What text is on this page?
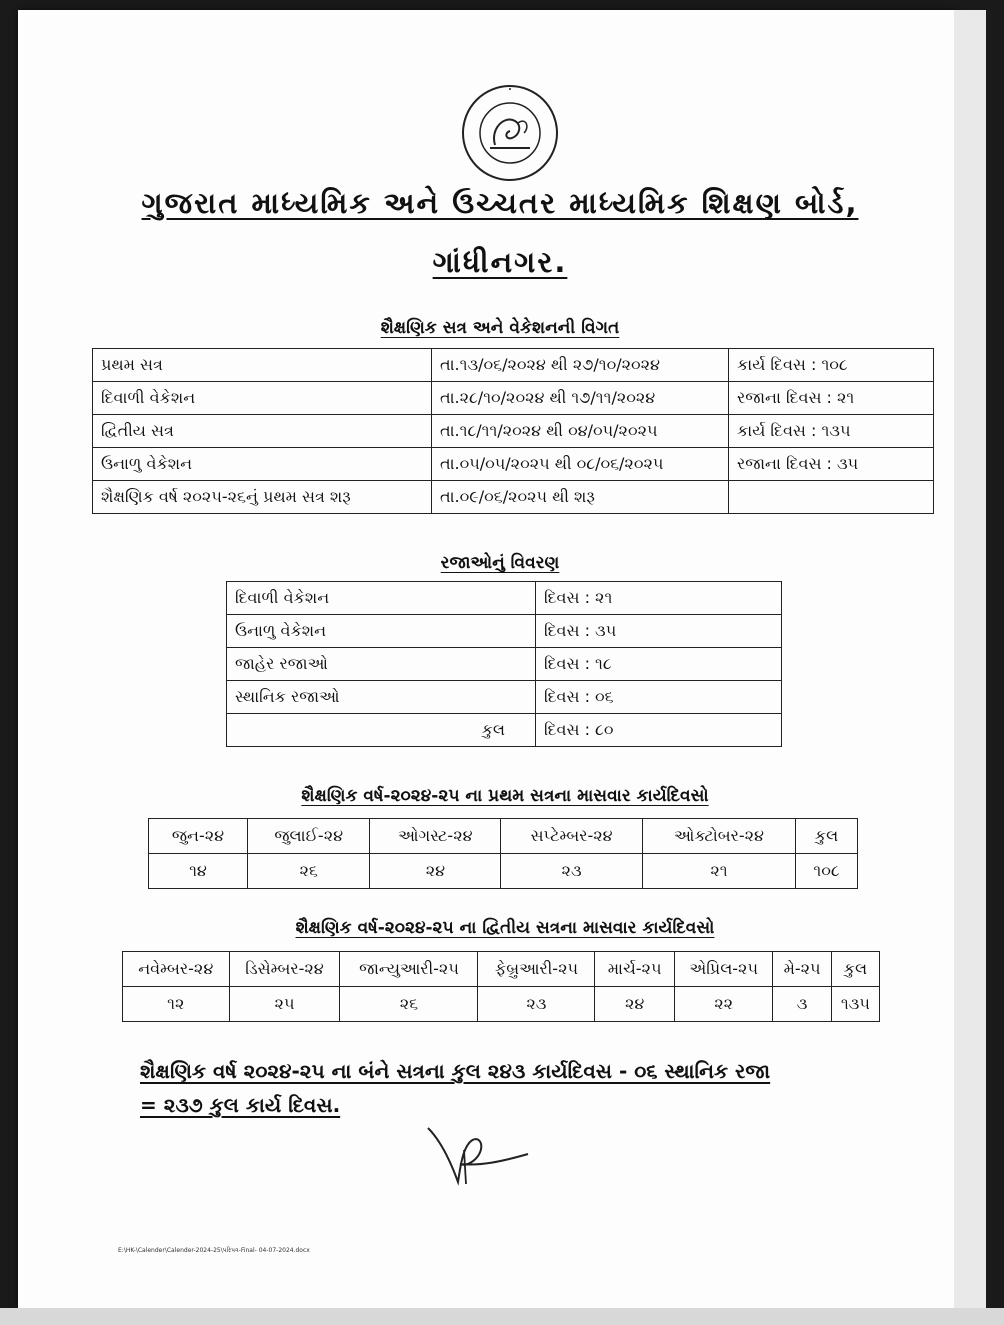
ગુજરાત માધ્યમિક અને ઉચ્ચતર માધ્યમિક શિક્ષણ બોર્ડ,
ગાંધીનગર.
શૈક્ષણિક સત્ર અને વેકેશનની વિગત
પ્રથમ સત્ર	તા.૧૩/૦૬/૨૦૨૪ થી ૨૭/૧૦/૨૦૨૪	કાર્ય દિવસ : ૧૦૮
દિવાળી વેકેશન	તા.૨૮/૧૦/૨૦૨૪ થી ૧૭/૧૧/૨૦૨૪	રજાના દિવસ : ૨૧
દ્વિતીય સત્ર	તા.૧૮/૧૧/૨૦૨૪ થી ૦૪/૦૫/૨૦૨૫	કાર્ય દિવસ : ૧૩૫
ઉનાળુ વેકેશન	તા.૦૫/૦૫/૨૦૨૫ થી ૦૮/૦૬/૨૦૨૫	રજાના દિવસ : ૩૫
શૈક્ષણિક વર્ષ ૨૦૨૫-૨૬નું પ્રથમ સત્ર શરૂ	તા.૦૯/૦૬/૨૦૨૫ થી શરૂ	
રજાઓનું વિવરણ
દિવાળી વેકેશન	દિવસ : ૨૧
ઉનાળુ વેકેશન	દિવસ : ૩૫
જાહેર રજાઓ	દિવસ : ૧૮
સ્થાનિક રજાઓ	દિવસ : ૦૬
કુલ	દિવસ : ૮૦
શૈક્ષણિક વર્ષ-૨૦૨૪-૨૫ ના પ્રથમ સત્રના માસવાર કાર્યદિવસો
જુન-૨૪	જુલાઈ-૨૪	ઓગસ્ટ-૨૪	સપ્ટેમ્બર-૨૪	ઓક્ટોબર-૨૪	કુલ
૧૪	૨૬	૨૪	૨૩	૨૧	૧૦૮
શૈક્ષણિક વર્ષ-૨૦૨૪-૨૫ ના દ્વિતીય સત્રના માસવાર કાર્યદિવસો
નવેમ્બર-૨૪	ડિસેમ્બર-૨૪	જાન્યુઆરી-૨૫	ફેબ્રુઆરી-૨૫	માર્ચ-૨૫	એપ્રિલ-૨૫	મે-૨૫	કુલ
૧૨	૨૫	૨૬	૨૩	૨૪	૨૨	૩	૧૩૫
શૈક્ષણિક વર્ષ ૨૦૨૪-૨૫ ના બંને સત્રના કુલ ૨૪૩ કાર્યદિવસ - ૦૬ સ્થાનિક રજા
= ૨૩૭ કુલ કાર્ય દિવસ.
E:\HK-\Calender\Calender-2024-25\પરિપત્ર-Final- 04-07-2024.docx
